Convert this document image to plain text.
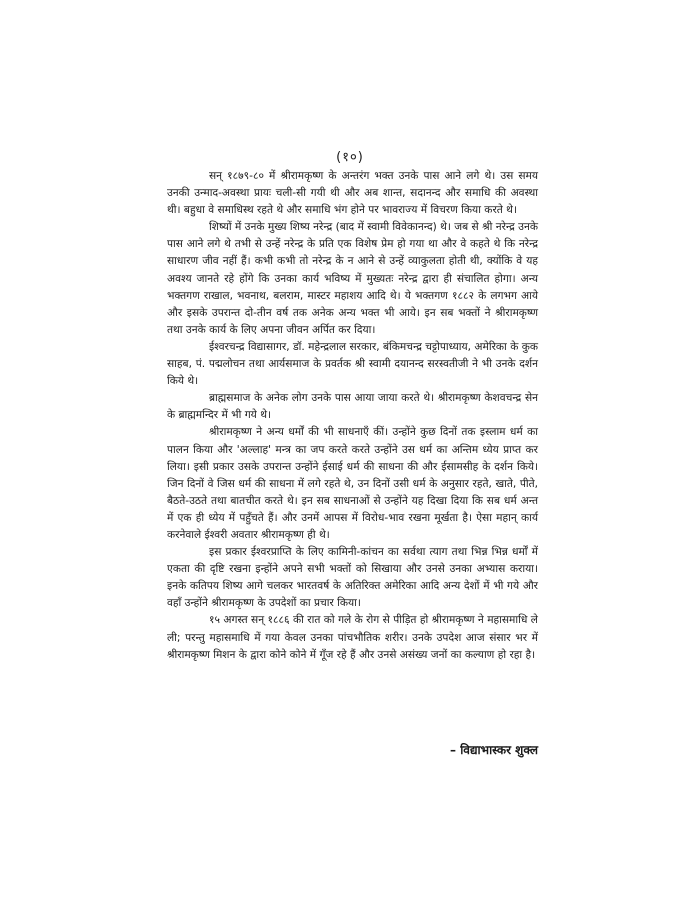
(१०)

सन् १८७९-८० में श्रीरामकृष्ण के अन्तरंग भक्त उनके पास आने लगे थे। उस समय उनकी उन्माद-अवस्था प्रायः चली-सी गयी थी और अब शान्त, सदानन्द और समाधि की अवस्था थी। बहुधा वे समाधिस्थ रहते थे और समाधि भंग होने पर भावराज्य में विचरण किया करते थे।

शिष्यों में उनके मुख्य शिष्य नरेन्द्र (बाद में स्वामी विवेकानन्द) थे। जब से श्री नरेन्द्र उनके पास आने लगे थे तभी से उन्हें नरेन्द्र के प्रति एक विशेष प्रेम हो गया था और वे कहते थे कि नरेन्द्र साधारण जीव नहीं हैं। कभी कभी तो नरेन्द्र के न आने से उन्हें व्याकुलता होती थी, क्योंकि वे यह अवश्य जानते रहे होंगे कि उनका कार्य भविष्य में मुख्यतः नरेन्द्र द्वारा ही संचालित होगा। अन्य भक्तगण राखाल, भवनाथ, बलराम, मास्टर महाशय आदि थे। ये भक्तगण १८८२ के लगभग आये और इसके उपरान्त दो-तीन वर्ष तक अनेक अन्य भक्त भी आये। इन सब भक्तों ने श्रीरामकृष्ण तथा उनके कार्य के लिए अपना जीवन अर्पित कर दिया।

ईश्वरचन्द्र विद्यासागर, डॉ. महेन्द्रलाल सरकार, बंकिमचन्द्र चट्टोपाध्याय, अमेरिका के कुक साहब, पं. पद्मलोचन तथा आर्यसमाज के प्रवर्तक श्री स्वामी दयानन्द सरस्वतीजी ने भी उनके दर्शन किये थे।

ब्राह्मसमाज के अनेक लोग उनके पास आया जाया करते थे। श्रीरामकृष्ण केशवचन्द्र सेन के ब्राह्ममन्दिर में भी गये थे।

श्रीरामकृष्ण ने अन्य धर्मों की भी साधनाएँ कीं। उन्होंने कुछ दिनों तक इस्लाम धर्म का पालन किया और 'अल्लाह' मन्त्र का जप करते करते उन्होंने उस धर्म का अन्तिम ध्येय प्राप्त कर लिया। इसी प्रकार उसके उपरान्त उन्होंने ईसाई धर्म की साधना की और ईसामसीह के दर्शन किये। जिन दिनों वे जिस धर्म की साधना में लगे रहते थे, उन दिनों उसी धर्म के अनुसार रहते, खाते, पीते, बैठते-उठते तथा बातचीत करते थे। इन सब साधनाओं से उन्होंने यह दिखा दिया कि सब धर्म अन्त में एक ही ध्येय में पहुँचते हैं। और उनमें आपस में विरोध-भाव रखना मूर्खता है। ऐसा महान् कार्य करनेवाले ईश्वरी अवतार श्रीरामकृष्ण ही थे।

इस प्रकार ईश्वरप्राप्ति के लिए कामिनी-कांचन का सर्वथा त्याग तथा भिन्न भिन्न धर्मों में एकता की दृष्टि रखना इन्होंने अपने सभी भक्तों को सिखाया और उनसे उनका अभ्यास कराया। इनके कतिपय शिष्य आगे चलकर भारतवर्ष के अतिरिक्त अमेरिका आदि अन्य देशों में भी गये और वहाँ उन्होंने श्रीरामकृष्ण के उपदेशों का प्रचार किया।

१५ अगस्त सन् १८८६ की रात को गले के रोग से पीड़ित हो श्रीरामकृष्ण ने महासमाधि ले ली; परन्तु महासमाधि में गया केवल उनका पांचभौतिक शरीर। उनके उपदेश आज संसार भर में श्रीरामकृष्ण मिशन के द्वारा कोने कोने में गूँज रहे हैं और उनसे असंख्य जनों का कल्याण हो रहा है।

– विद्याभास्कर शुक्ल
